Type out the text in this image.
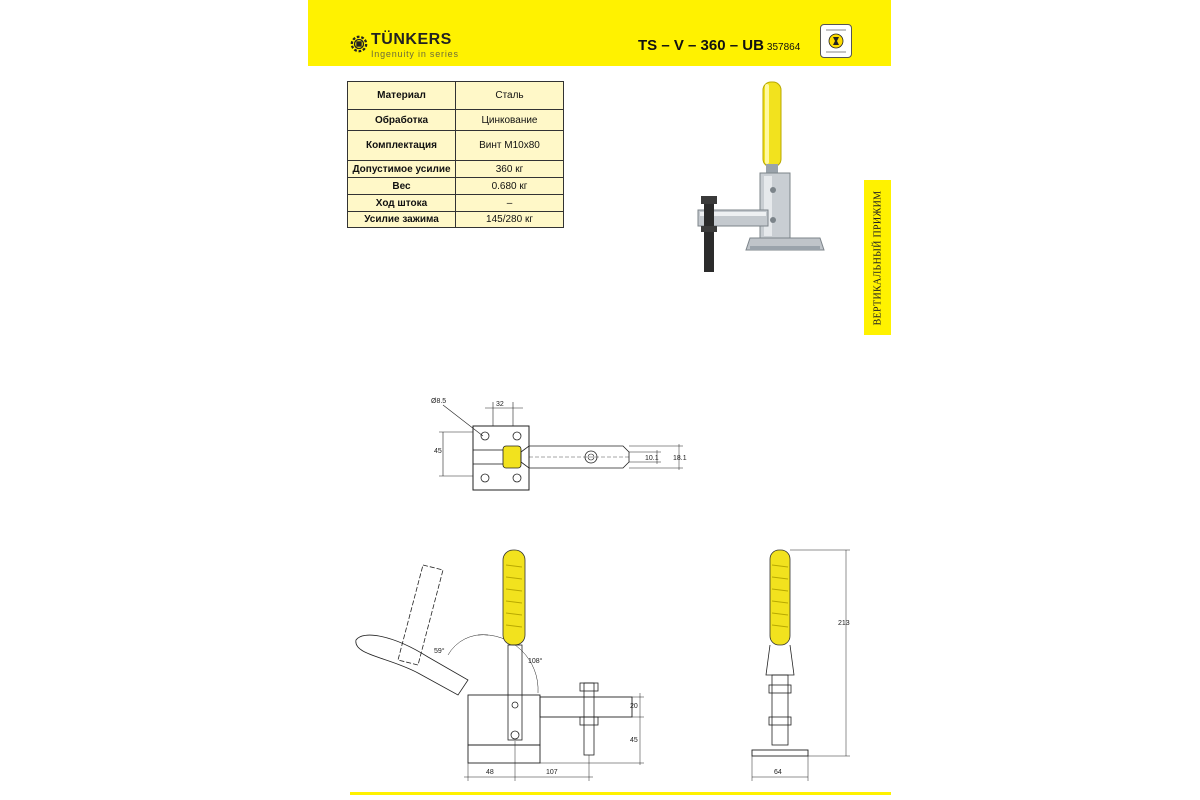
TÜNKERS
Ingenuity in series	TS – V – 360 – UB 357864
Материал	Сталь
Обработка	Цинкование
Комплектация	Винт M10x80
Допустимое усилие	360 кг
Вес	0.680 кг
Ход штока	–
Усилие зажима	145/280 кг	ВЕРТИКАЛЬНЫЙ ПРИЖИМ
32
Ø8.5
45
10.1 18.1
59°
108°
20
45
48	107
213
64
